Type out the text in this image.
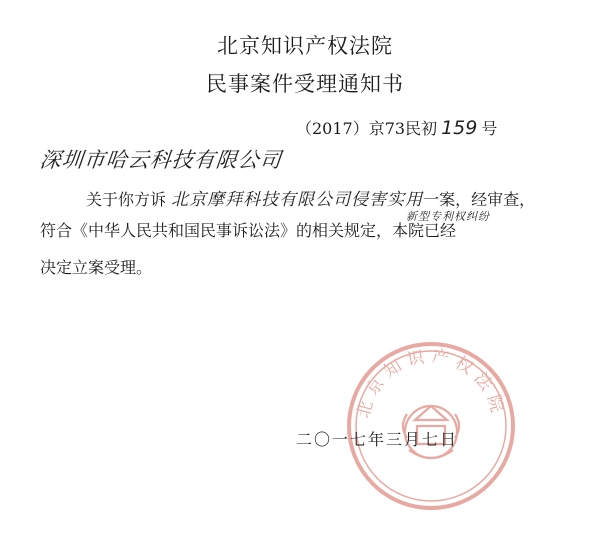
北京知识产权法院
民事案件受理通知书
（2017）京73民初 159 号
深圳市哈云科技有限公司
关于你方诉 北京摩拜科技有限公司侵害实用一案，经审查，
新型专利权纠纷
符合《中华人民共和国民事诉讼法》的相关规定，本院已经
决定立案受理。
北京知识产权法院
二〇一七年三月七日
